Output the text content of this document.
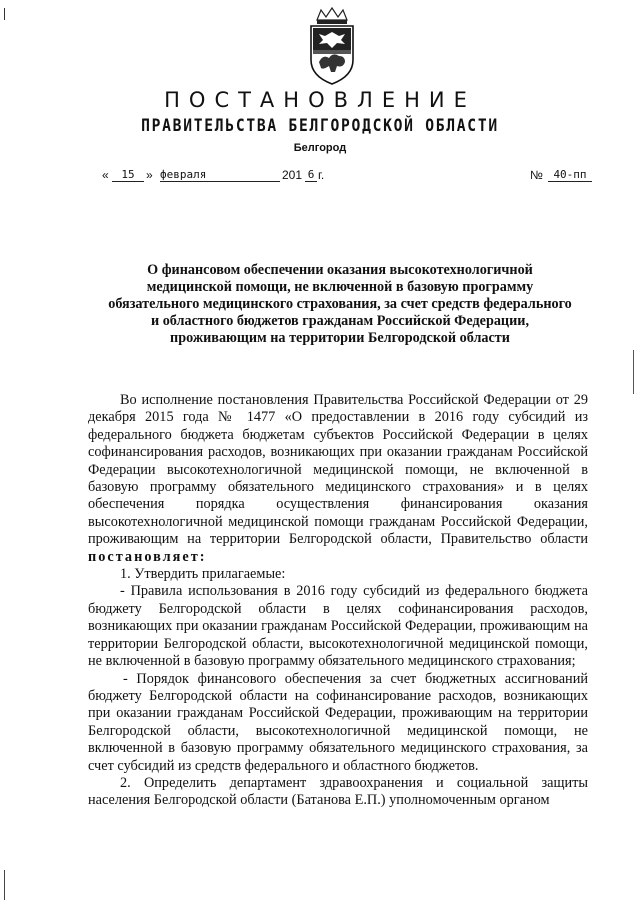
ПОСТАНОВЛЕНИЕ
ПРАВИТЕЛЬСТВА БЕЛГОРОДСКОЙ ОБЛАСТИ
Белгород
«	15 » февраля	201 6 г.	№ 40-пп
О финансовом обеспечении оказания высокотехнологичной
медицинской помощи, не включенной в базовую программу
обязательного медицинского страхования, за счет средств федерального
и областного бюджетов гражданам Российской Федерации,
проживающим на территории Белгородской области

Во исполнение постановления Правительства Российской Федерации от 29 декабря 2015 года № 1477 «О предоставлении в 2016 году субсидий из федерального бюджета бюджетам субъектов Российской Федерации в целях софинансирования расходов, возникающих при оказании гражданам Российской Федерации высокотехнологичной медицинской помощи, не включенной в базовую программу обязательного медицинского страхования» и в целях обеспечения порядка осуществления финансирования оказания высокотехнологичной медицинской помощи гражданам Российской Федерации, проживающим на территории Белгородской области, Правительство области постановляет:

1. Утвердить прилагаемые:

- Правила использования в 2016 году субсидий из федерального бюджета бюджету Белгородской области в целях софинансирования расходов, возникающих при оказании гражданам Российской Федерации, проживающим на территории Белгородской области, высокотехнологичной медицинской помощи, не включенной в базовую программу обязательного медицинского страхования;

- Порядок финансового обеспечения за счет бюджетных ассигнований бюджету Белгородской области на софинансирование расходов, возникающих при оказании гражданам Российской Федерации, проживающим на территории Белгородской области, высокотехнологичной медицинской помощи, не включенной в базовую программу обязательного медицинского страхования, за счет субсидий из средств федерального и областного бюджетов.

2. Определить департамент здравоохранения и социальной защиты населения Белгородской области (Батанова Е.П.) уполномоченным органом
